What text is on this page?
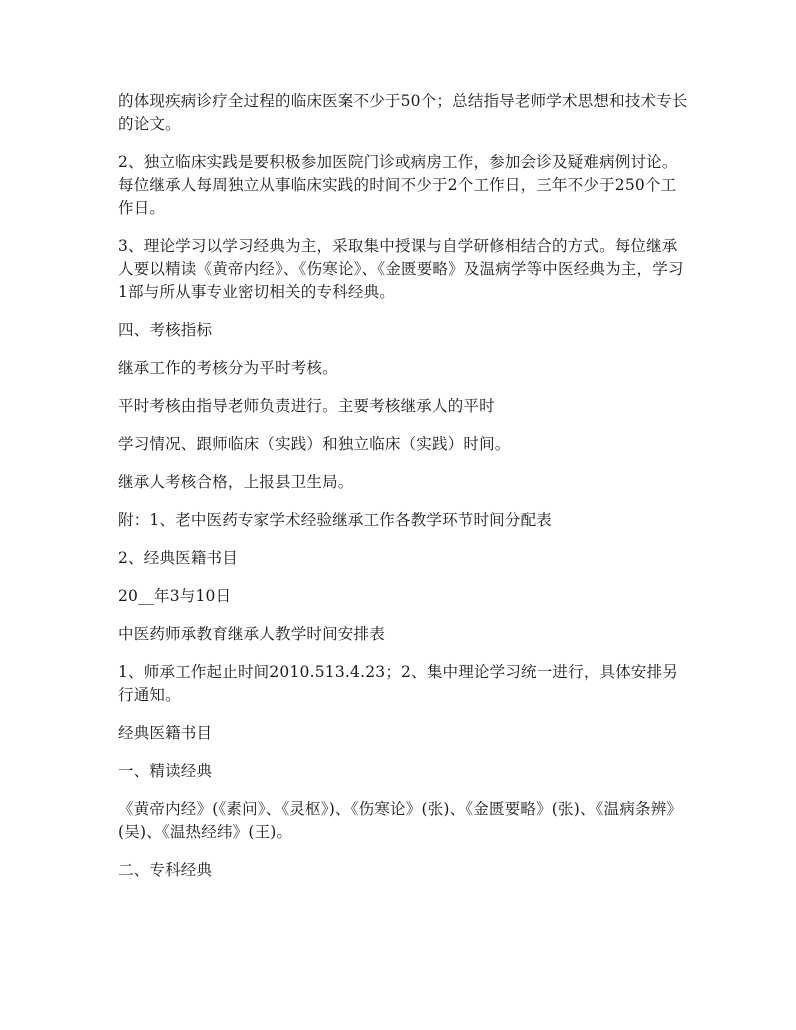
的体现疾病诊疗全过程的临床医案不少于50个；总结指导老师学术思想和技术专长的论文。

2、独立临床实践是要积极参加医院门诊或病房工作，参加会诊及疑难病例讨论。每位继承人每周独立从事临床实践的时间不少于2个工作日，三年不少于250个工作日。

3、理论学习以学习经典为主，采取集中授课与自学研修相结合的方式。每位继承人要以精读《黄帝内经》、《伤寒论》、《金匮要略》及温病学等中医经典为主，学习1部与所从事专业密切相关的专科经典。

四、考核指标

继承工作的考核分为平时考核。

平时考核由指导老师负责进行。主要考核继承人的平时

学习情况、跟师临床（实践）和独立临床（实践）时间。

继承人考核合格，上报县卫生局。

附：1、老中医药专家学术经验继承工作各教学环节时间分配表

2、经典医籍书目

20__年3与10日

中医药师承教育继承人教学时间安排表

1、师承工作起止时间2010.513.4.23；2、集中理论学习统一进行，具体安排另行通知。

经典医籍书目

一、精读经典

《黄帝内经》(《素问》、《灵枢》)、《伤寒论》(张)、《金匮要略》(张)、《温病条辨》(吴)、《温热经纬》(王)。

二、专科经典
